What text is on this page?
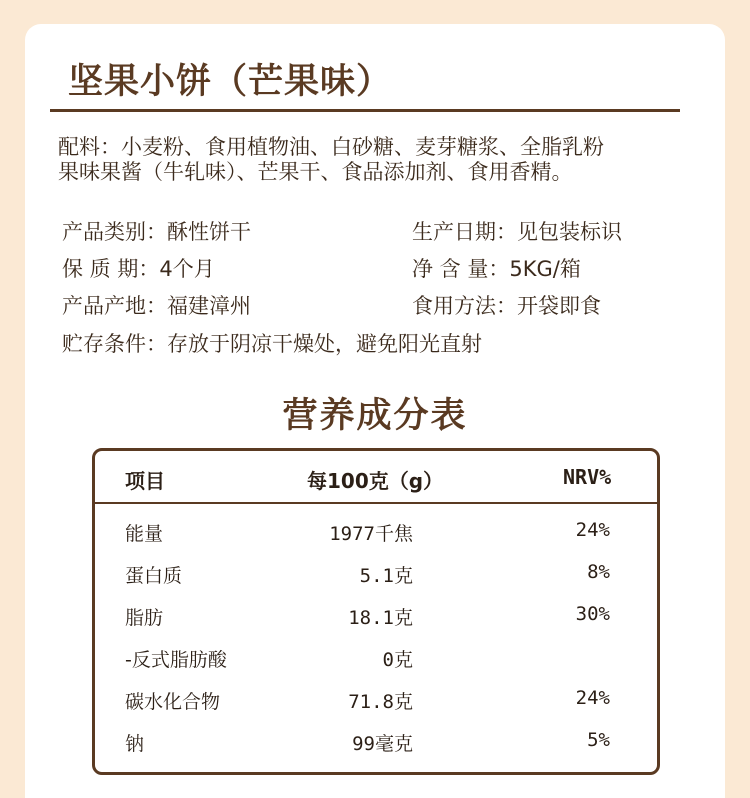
坚果小饼（芒果味）
配料：小麦粉、食用植物油、白砂糖、麦芽糖浆、全脂乳粉
果味果酱（牛轧味）、芒果干、食品添加剂、食用香精。
产品类别：酥性饼干	生产日期：见包装标识
保 质 期：4个月	净 含 量：5KG/箱
产品产地：福建漳州	食用方法：开袋即食
贮存条件：存放于阴凉干燥处，避免阳光直射
营养成分表
项目	每100克（g）	NRV%
能量	1977千焦	24%
蛋白质	5.1克	8%
脂肪	18.1克	30%
-反式脂肪酸	0克
碳水化合物	71.8克	24%
钠	99毫克	5%
